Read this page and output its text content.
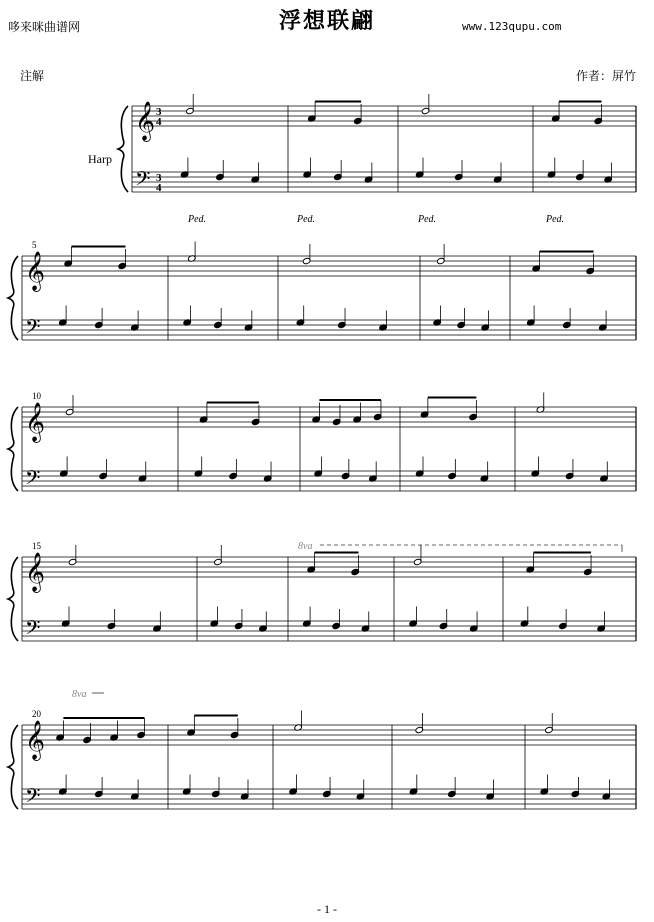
哆来咪曲谱网	浮想联翩	www.123qupu.com
注解	作者：屏竹
Harp
- 1 -
𝄞
𝄢
3
4
3
4
Ped.	Ped.	Ped.	Ped.
𝄞
𝄢
5
𝄞
𝄢
10
𝄞
𝄢
15	8va
𝄞
𝄢
20
8va
